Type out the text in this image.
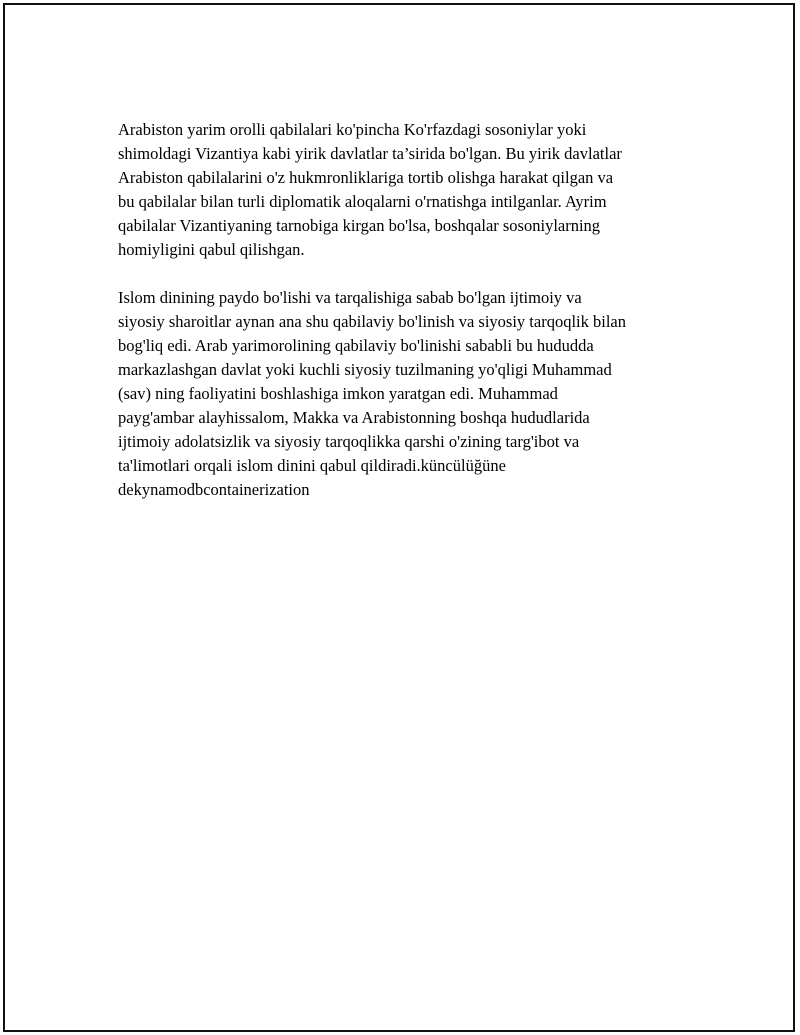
Arabiston yarim orolli qabilalari ko'pincha Ko'rfazdagi sosoniylar yoki
shimoldagi Vizantiya kabi yirik davlatlar ta’sirida bo'lgan. Bu yirik davlatlar
Arabiston qabilalarini o'z hukmronliklariga tortib olishga harakat qilgan va
bu qabilalar bilan turli diplomatik aloqalarni o'rnatishga intilganlar. Ayrim
qabilalar Vizantiyaning tarnobiga kirgan bo'lsa, boshqalar sosoniylarning
homiyligini qabul qilishgan.

Islom dinining paydo bo'lishi va tarqalishiga sabab bo'lgan ijtimoiy va
siyosiy sharoitlar aynan ana shu qabilaviy bo'linish va siyosiy tarqoqlik bilan
bog'liq edi. Arab yarimorolining qabilaviy bo'linishi sababli bu hududda
markazlashgan davlat yoki kuchli siyosiy tuzilmaning yo'qligi Muhammad
(sav) ning faoliyatini boshlashiga imkon yaratgan edi. Muhammad
payg'ambar alayhissalom, Makka va Arabistonning boshqa hududlarida
ijtimoiy adolatsizlik va siyosiy tarqoqlikka qarshi o'zining targ'ibot va
ta'limotlari orqali islom dinini qabul qildiradi.küncülüğüne
dekynamodbcontainerization
